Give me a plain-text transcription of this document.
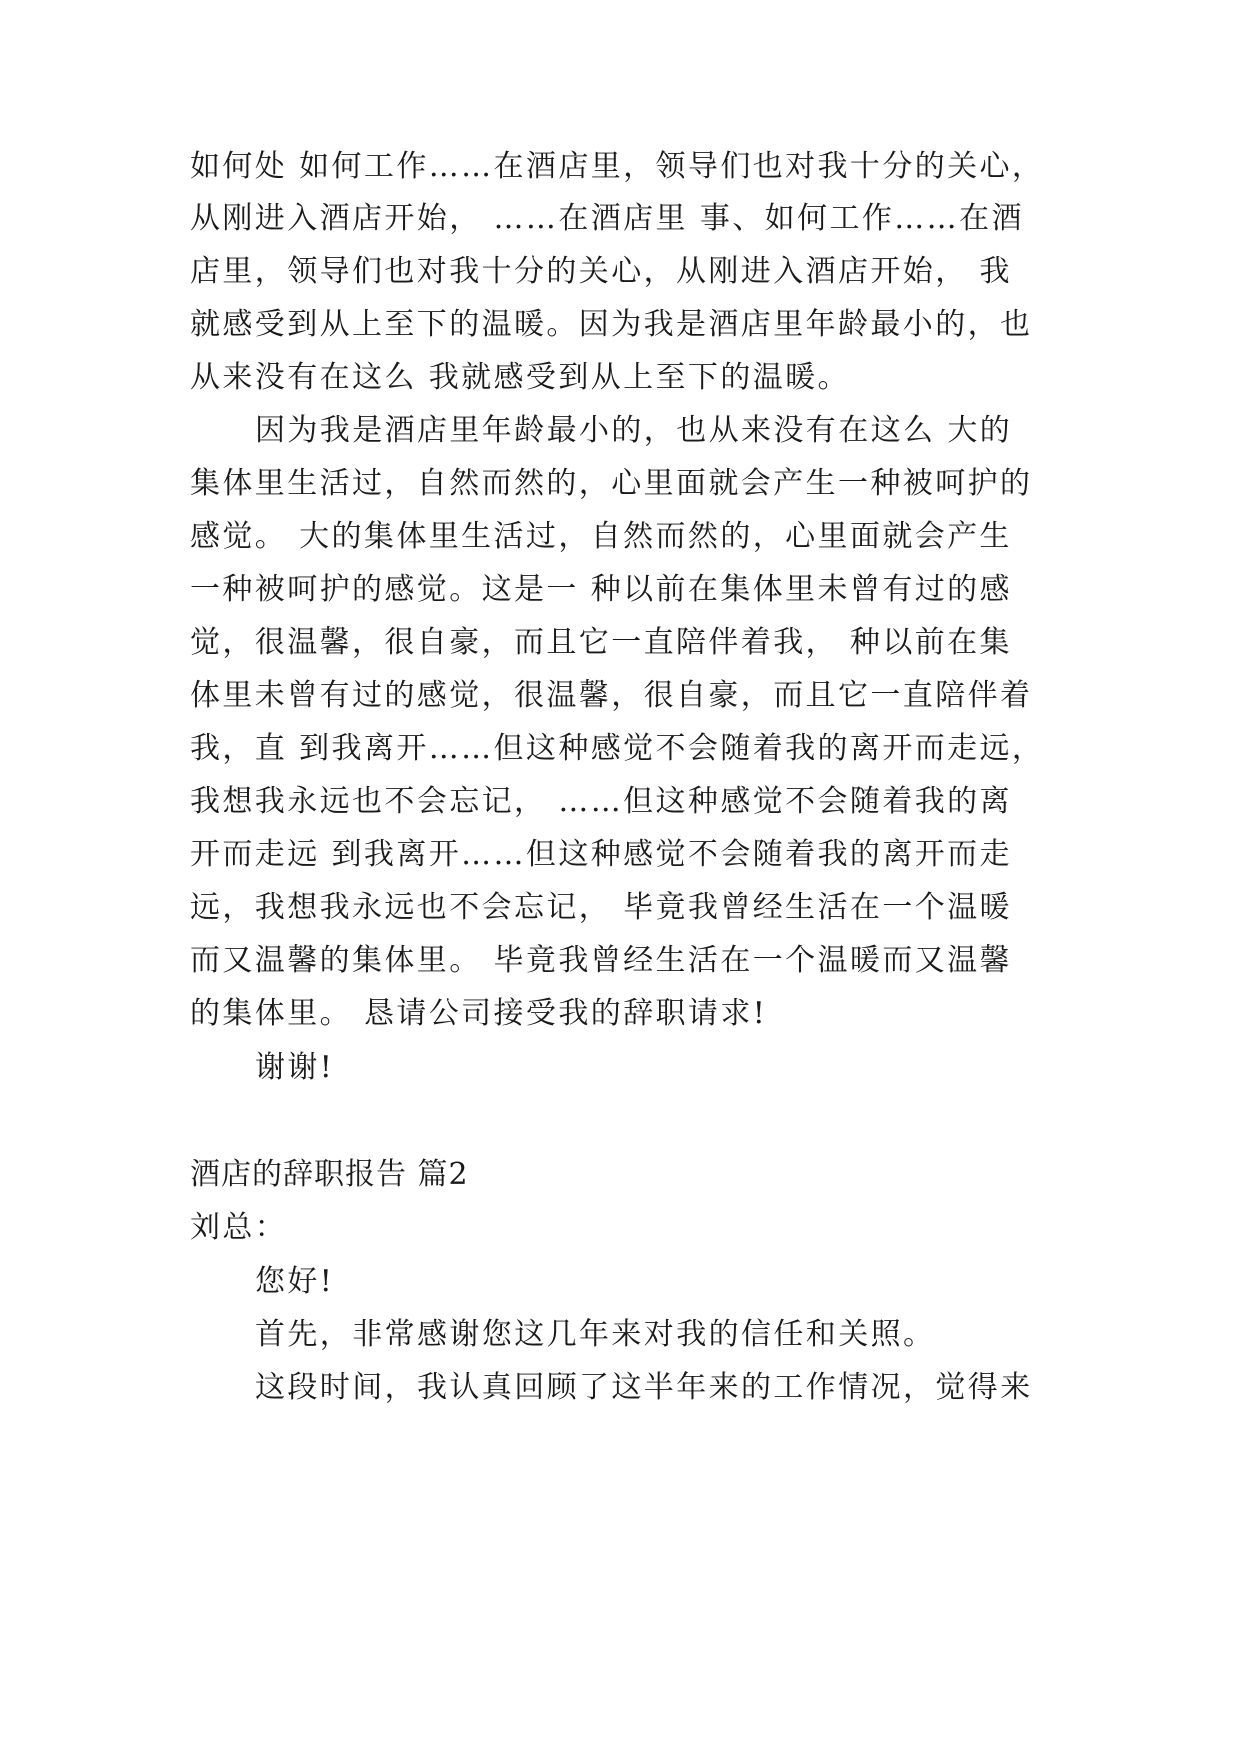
如何处 如何工作……在酒店里，领导们也对我十分的关心，
从刚进入酒店开始， ……在酒店里 事、如何工作……在酒
店里，领导们也对我十分的关心，从刚进入酒店开始， 我
就感受到从上至下的温暖。因为我是酒店里年龄最小的，也
从来没有在这么 我就感受到从上至下的温暖。
因为我是酒店里年龄最小的，也从来没有在这么 大的
集体里生活过，自然而然的，心里面就会产生一种被呵护的
感觉。 大的集体里生活过，自然而然的，心里面就会产生
一种被呵护的感觉。这是一 种以前在集体里未曾有过的感
觉，很温馨，很自豪，而且它一直陪伴着我， 种以前在集
体里未曾有过的感觉，很温馨，很自豪，而且它一直陪伴着
我，直 到我离开……但这种感觉不会随着我的离开而走远，
我想我永远也不会忘记， ……但这种感觉不会随着我的离
开而走远 到我离开……但这种感觉不会随着我的离开而走
远，我想我永远也不会忘记， 毕竟我曾经生活在一个温暖
而又温馨的集体里。 毕竟我曾经生活在一个温暖而又温馨
的集体里。 恳请公司接受我的辞职请求!
谢谢!
酒店的辞职报告 篇2
刘总：
您好!
首先，非常感谢您这几年来对我的信任和关照。
这段时间，我认真回顾了这半年来的工作情况，觉得来
